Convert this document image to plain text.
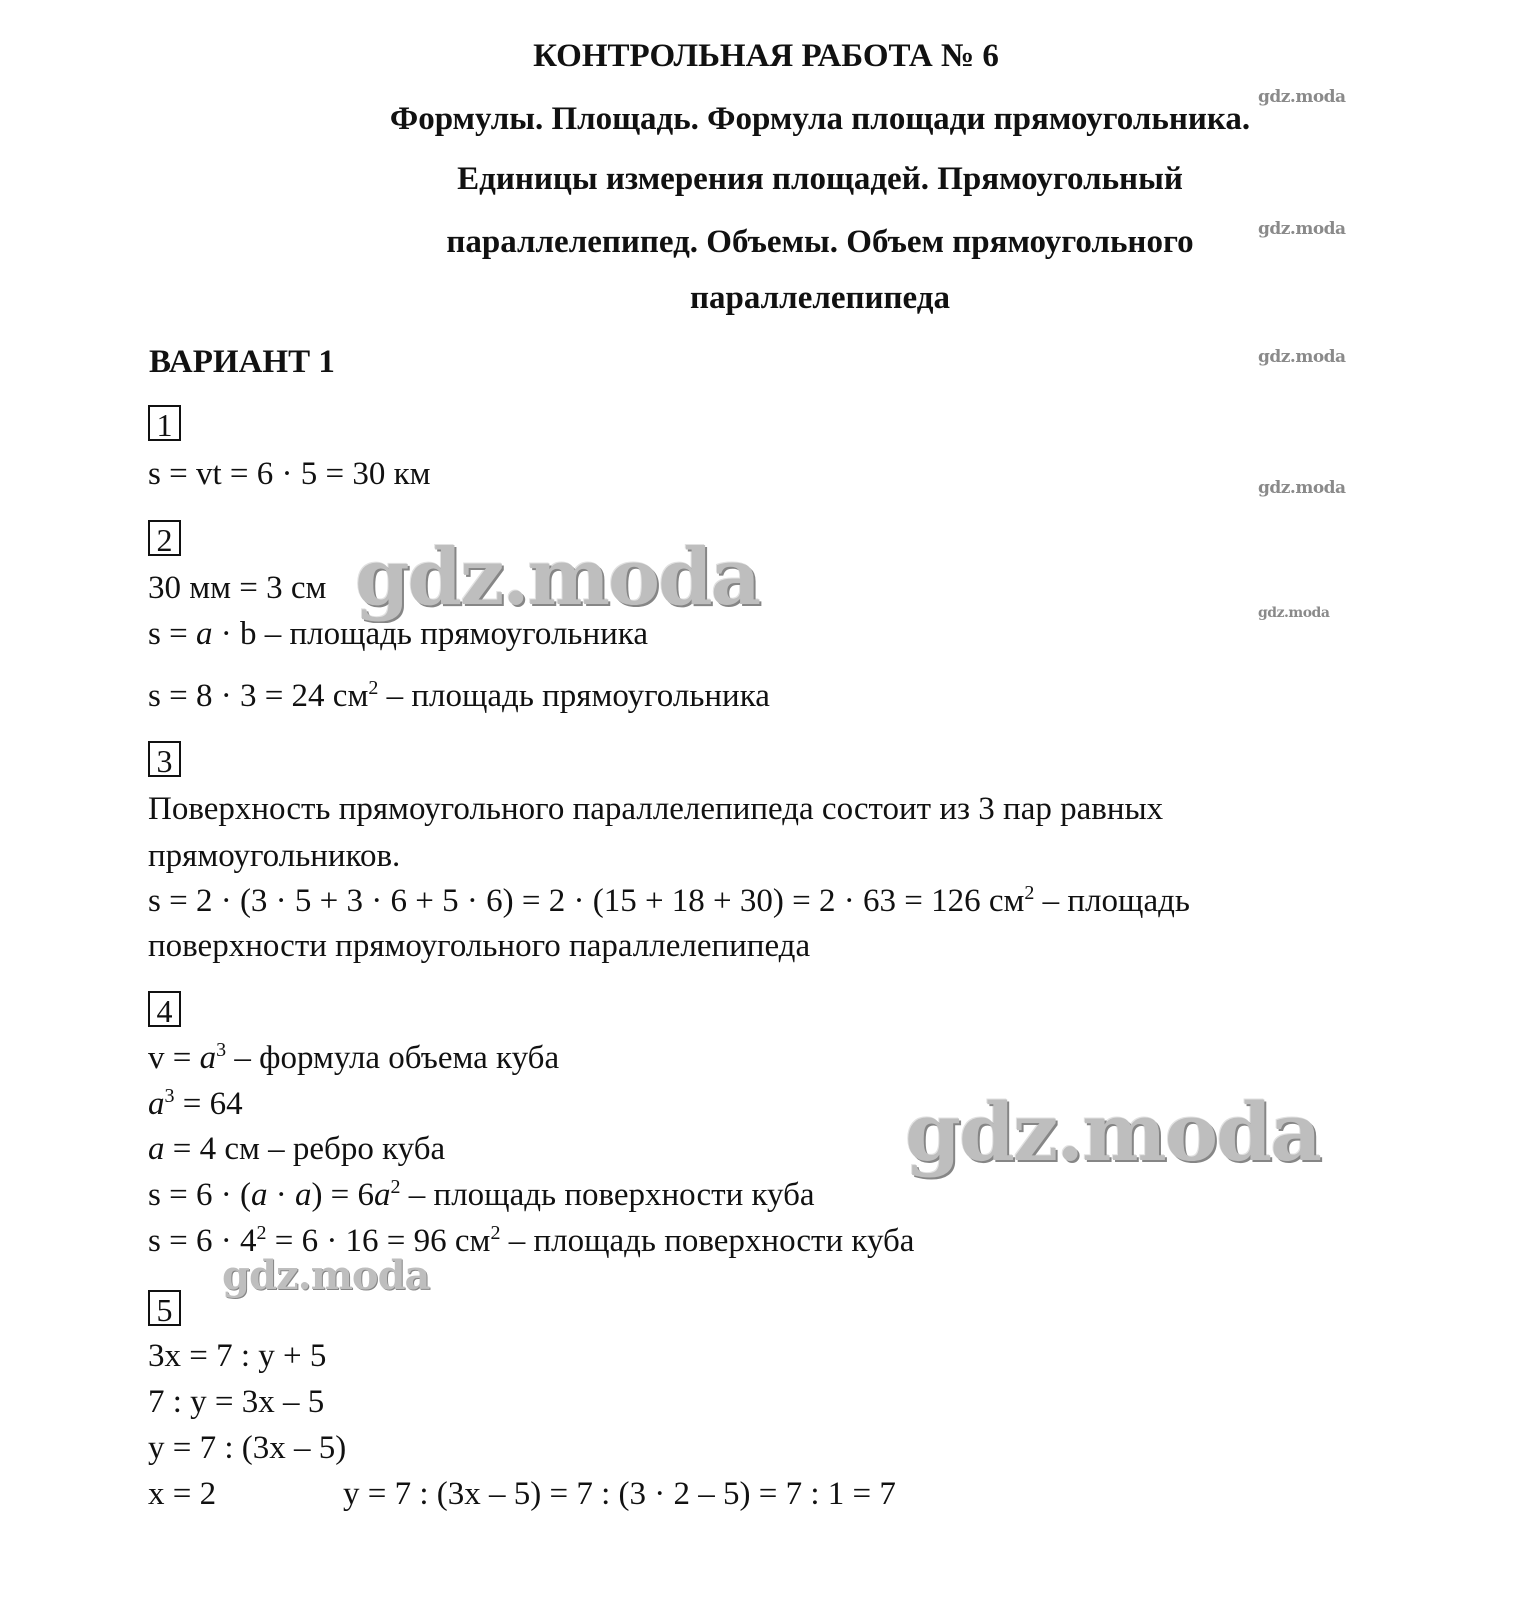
КОНТРОЛЬНАЯ РАБОТА № 6
Формулы. Площадь. Формула площади прямоугольника.
Единицы измерения площадей. Прямоугольный
параллелепипед. Объемы. Объем прямоугольного
параллелепипеда
ВАРИАНТ 1
1
s = vt = 6 · 5 = 30 км
2
30 мм = 3 см
s = a · b – площадь прямоугольника
s = 8 · 3 = 24 $см^2$ – площадь прямоугольника
3
Поверхность прямоугольного параллелепипеда состоит из 3 пар равных
прямоугольников.
s = 2 · (3 · 5 + 3 · 6 + 5 · 6) = 2 · (15 + 18 + 30) = 2 · 63 = 126 $см^2$ – площадь
поверхности прямоугольного параллелепипеда
4
$v = a^3$ – формула объема куба
$a^3 = 64$
a = 4 см – ребро куба
$s = 6 \cdot (a \cdot a) = 6a^2$ – площадь поверхности куба
$s = 6 \cdot 4^2 = 6 \cdot 16 = 96$ $см^2$ – площадь поверхности куба
5
3x = 7 : y + 5
7 : y = 3x – 5
y = 7 : (3x – 5)
x = 2	y = 7 : (3x – 5) = 7 : (3 · 2 – 5) = 7 : 1 = 7
gdz.moda
gdz.moda
gdz.moda
gdz.moda
gdz.moda
gdz.moda
gdz.moda
gdz.moda
